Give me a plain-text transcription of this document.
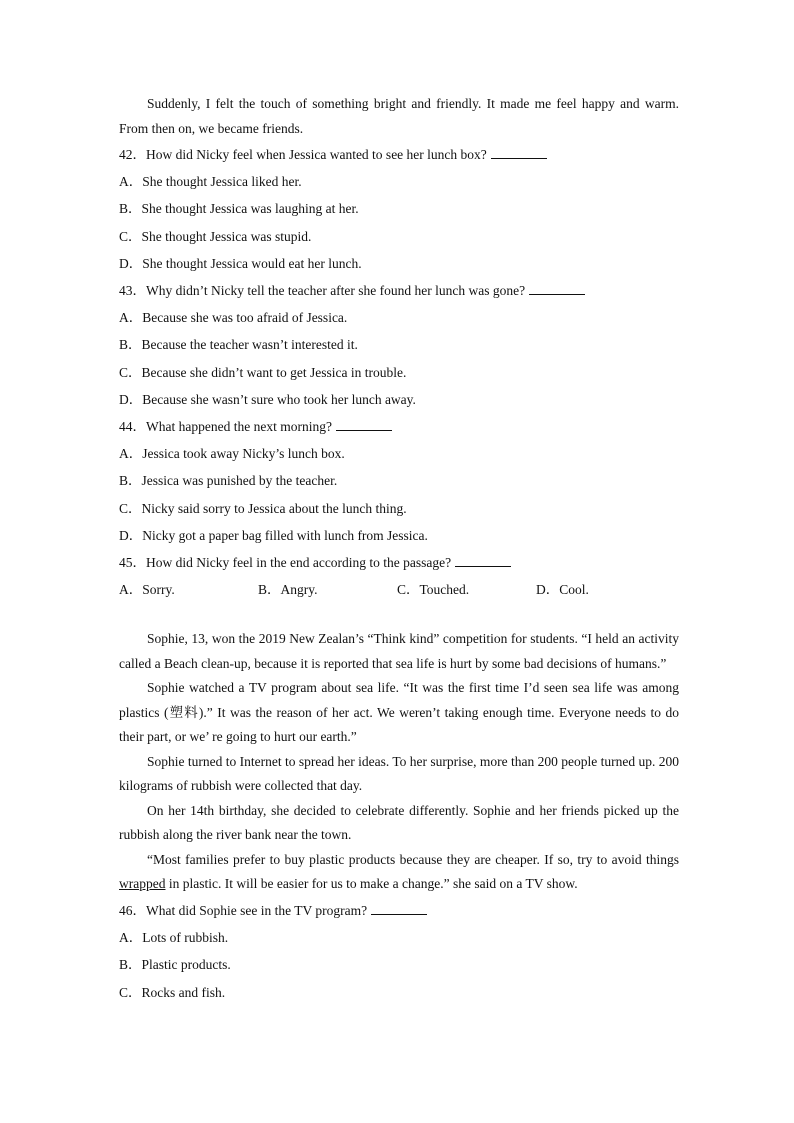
Suddenly, I felt the touch of something bright and friendly. It made me feel happy and warm. From then on, we became friends.

42．How did Nicky feel when Jessica wanted to see her lunch box?

A．She thought Jessica liked her.

B．She thought Jessica was laughing at her.

C．She thought Jessica was stupid.

D．She thought Jessica would eat her lunch.

43．Why didn’t Nicky tell the teacher after she found her lunch was gone?

A．Because she was too afraid of Jessica.

B．Because the teacher wasn’t interested it.

C．Because she didn’t want to get Jessica in trouble.

D．Because she wasn’t sure who took her lunch away.

44．What happened the next morning?

A．Jessica took away Nicky’s lunch box.

B．Jessica was punished by the teacher.

C．Nicky said sorry to Jessica about the lunch thing.

D．Nicky got a paper bag filled with lunch from Jessica.

45．How did Nicky feel in the end according to the passage?

A．Sorry.	B．Angry.	C．Touched.	D．Cool.

Sophie, 13, won the 2019 New Zealan’s “Think kind” competition for students. “I held an activity called a Beach clean-up, because it is reported that sea life is hurt by some bad decisions of humans.”

Sophie watched a TV program about sea life. “It was the first time I’d seen sea life was among plastics (塑料).” It was the reason of her act. We weren’t taking enough time. Everyone needs to do their part, or we’ re going to hurt our earth.”

Sophie turned to Internet to spread her ideas. To her surprise, more than 200 people turned up. 200 kilograms of rubbish were collected that day.

On her 14th birthday, she decided to celebrate differently. Sophie and her friends picked up the rubbish along the river bank near the town.

“Most families prefer to buy plastic products because they are cheaper. If so, try to avoid things wrapped in plastic. It will be easier for us to make a change.” she said on a TV show.

46．What did Sophie see in the TV program?

A．Lots of rubbish.

B．Plastic products.

C．Rocks and fish.
